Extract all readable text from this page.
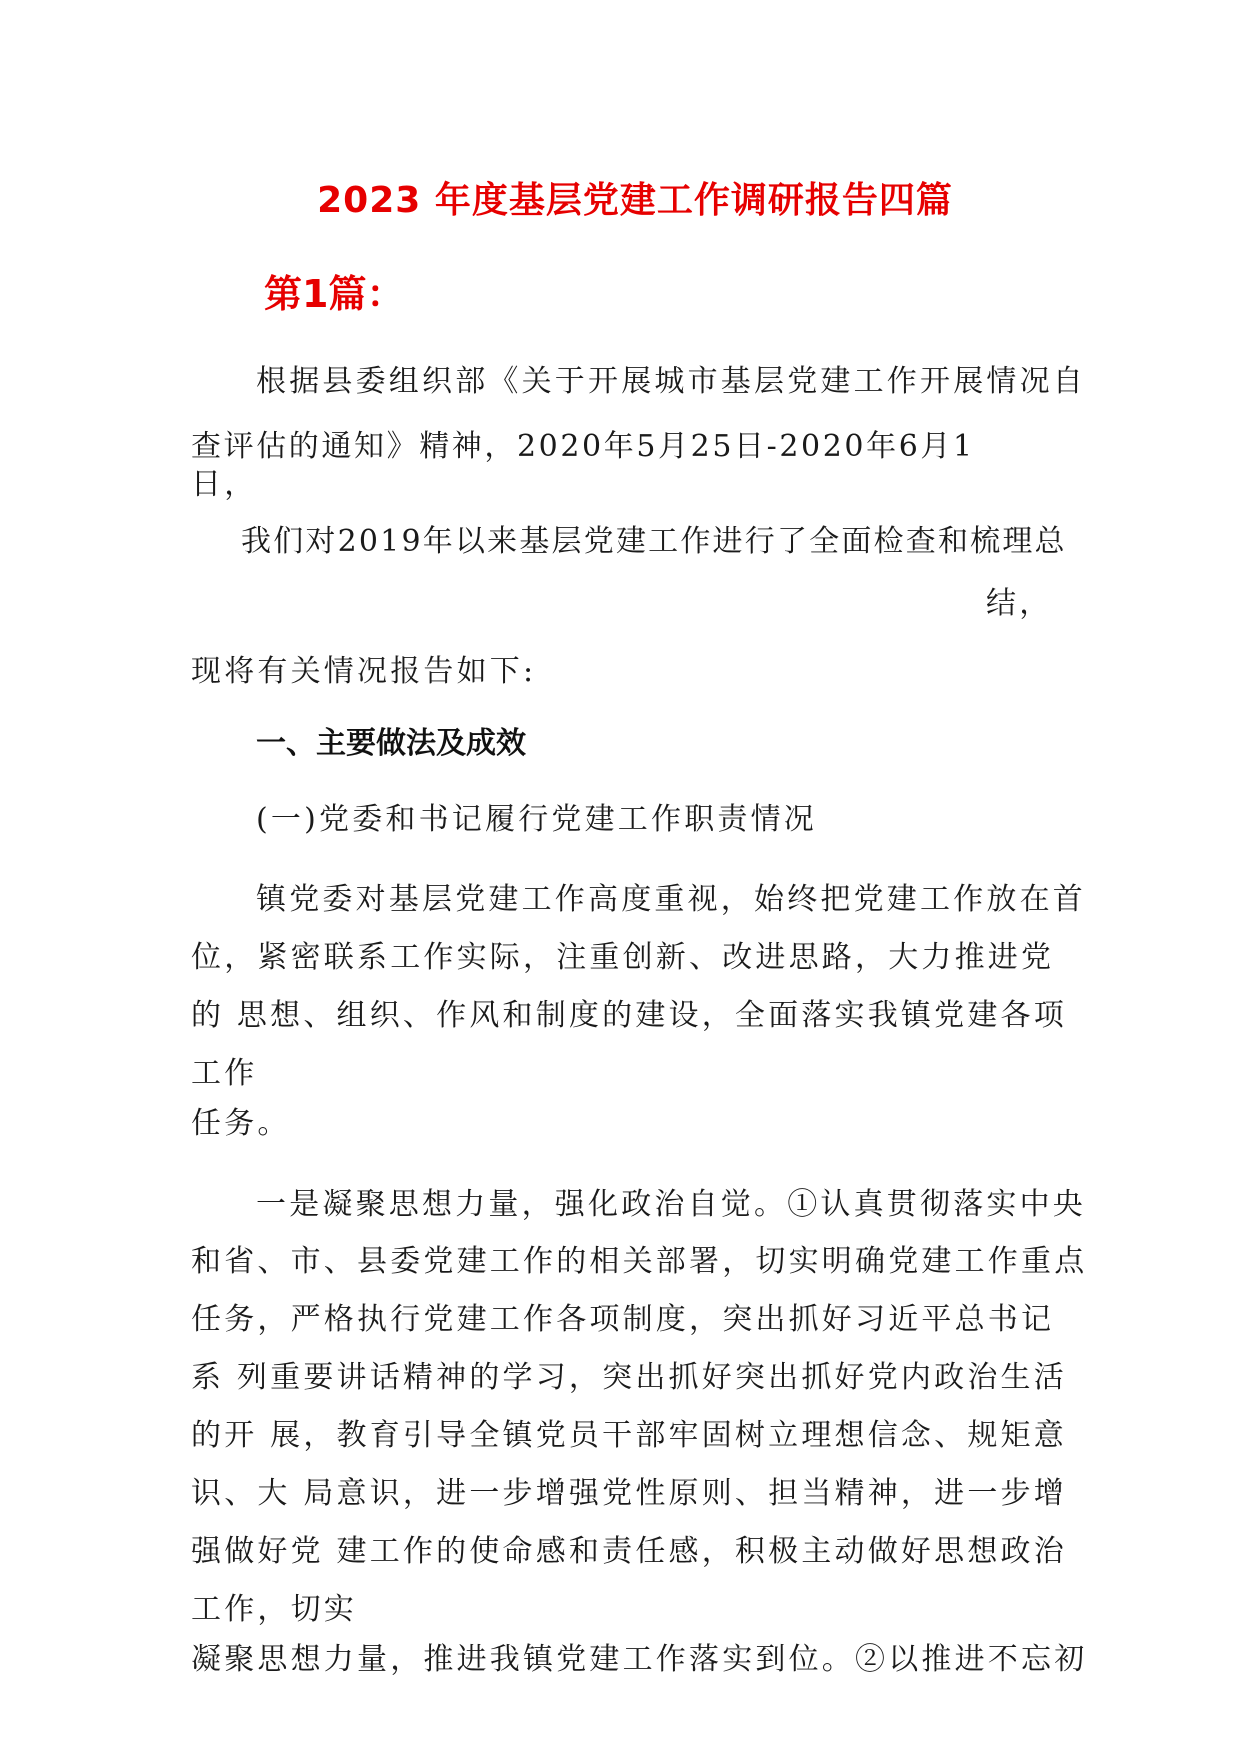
2023 年度基层党建工作调研报告四篇
第1篇：
根据县委组织部《关于开展城市基层党建工作开展情况自
查评估的通知》精神，2020年5月25日-2020年6月1
日，
我们对2019年以来基层党建工作进行了全面检查和梳理总
结，
现将有关情况报告如下:
一、主要做法及成效
(一)党委和书记履行党建工作职责情况
镇党委对基层党建工作高度重视，始终把党建工作放在首
位，紧密联系工作实际，注重创新、改进思路，大力推进党
的 思想、组织、作风和制度的建设，全面落实我镇党建各项
工作
任务。
一是凝聚思想力量，强化政治自觉。①认真贯彻落实中央
和省、市、县委党建工作的相关部署，切实明确党建工作重点
任务，严格执行党建工作各项制度，突出抓好习近平总书记
系 列重要讲话精神的学习，突出抓好突出抓好党内政治生活
的开 展，教育引导全镇党员干部牢固树立理想信念、规矩意
识、大 局意识，进一步增强党性原则、担当精神，进一步增
强做好党 建工作的使命感和责任感，积极主动做好思想政治
工作，切实
凝聚思想力量，推进我镇党建工作落实到位。②以推进不忘初
